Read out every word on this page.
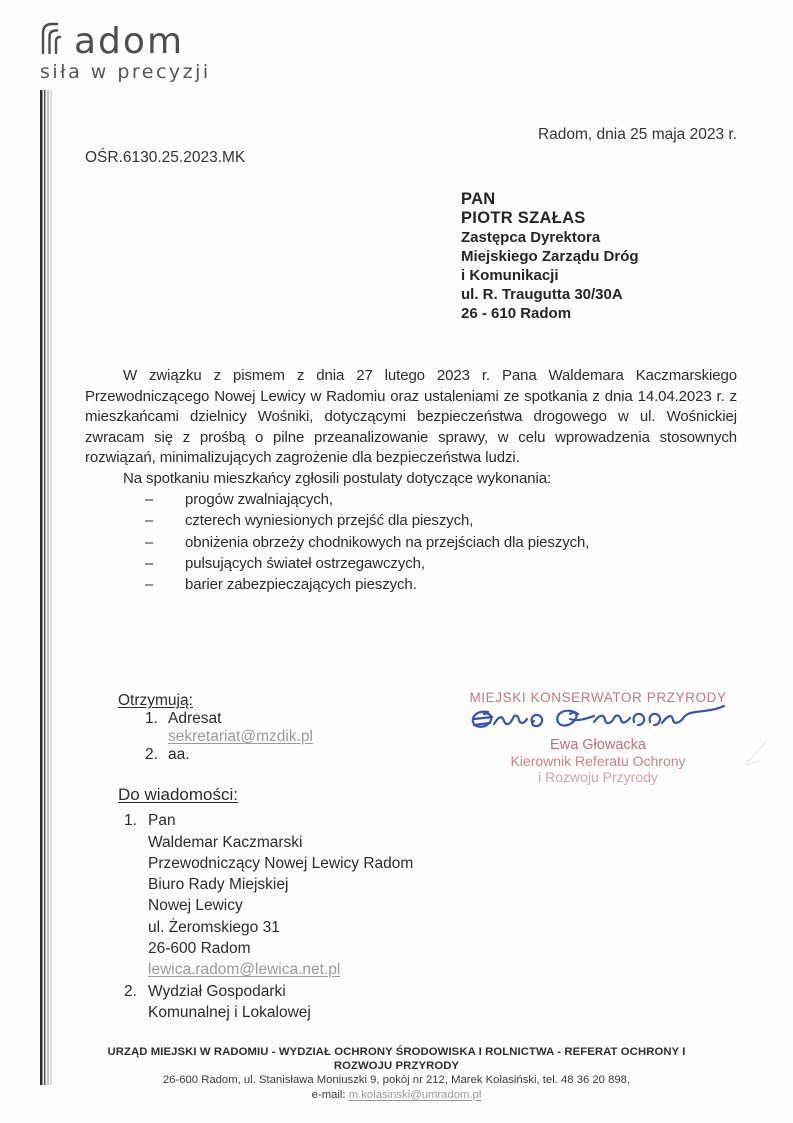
adom
siła w precyzji
Radom, dnia 25 maja 2023 r.
OŚR.6130.25.2023.MK
PAN
PIOTR SZAŁAS
Zastępca Dyrektora
Miejskiego Zarządu Dróg
i Komunikacji
ul. R. Traugutta 30/30A
26 - 610 Radom

W związku z pismem z dnia 27 lutego 2023 r. Pana Waldemara Kaczmarskiego Przewodniczącego Nowej Lewicy w Radomiu oraz ustaleniami ze spotkania z dnia 14.04.2023 r. z mieszkańcami dzielnicy Wośniki, dotyczącymi bezpieczeństwa drogowego w ul. Wośnickiej zwracam się z prośbą o pilne przeanalizowanie sprawy, w celu wprowadzenia stosownych rozwiązań, minimalizujących zagrożenie dla bezpieczeństwa ludzi.

Na spotkaniu mieszkańcy zgłosili postulaty dotyczące wykonania:

– progów zwalniających,
– czterech wyniesionych przejść dla pieszych,
– obniżenia obrzeży chodnikowych na przejściach dla pieszych,
– pulsujących świateł ostrzegawczych,
– barier zabezpieczających pieszych.
Otrzymują:
1. Adresat
sekretariat@mzdik.pl
2. aa.
MIEJSKI KONSERWATOR PRZYRODY
Ewa Głowacka
Kierownik Referatu Ochrony
i Rozwoju Przyrody
Do wiadomości:
1. Pan
Waldemar Kaczmarski
Przewodniczący Nowej Lewicy Radom
Biuro Rady Miejskiej
Nowej Lewicy
ul. Żeromskiego 31
26-600 Radom
lewica.radom@lewica.net.pl
2. Wydział Gospodarki
Komunalnej i Lokalowej
URZĄD MIEJSKI W RADOMIU - WYDZIAŁ OCHRONY ŚRODOWISKA I ROLNICTWA - REFERAT OCHRONY I ROZWOJU PRZYRODY
26-600 Radom, ul. Stanisława Moniuszki 9, pokój nr 212, Marek Kolasiński, tel. 48 36 20 898,
e-mail: m.kolasinski@umradom.pl
